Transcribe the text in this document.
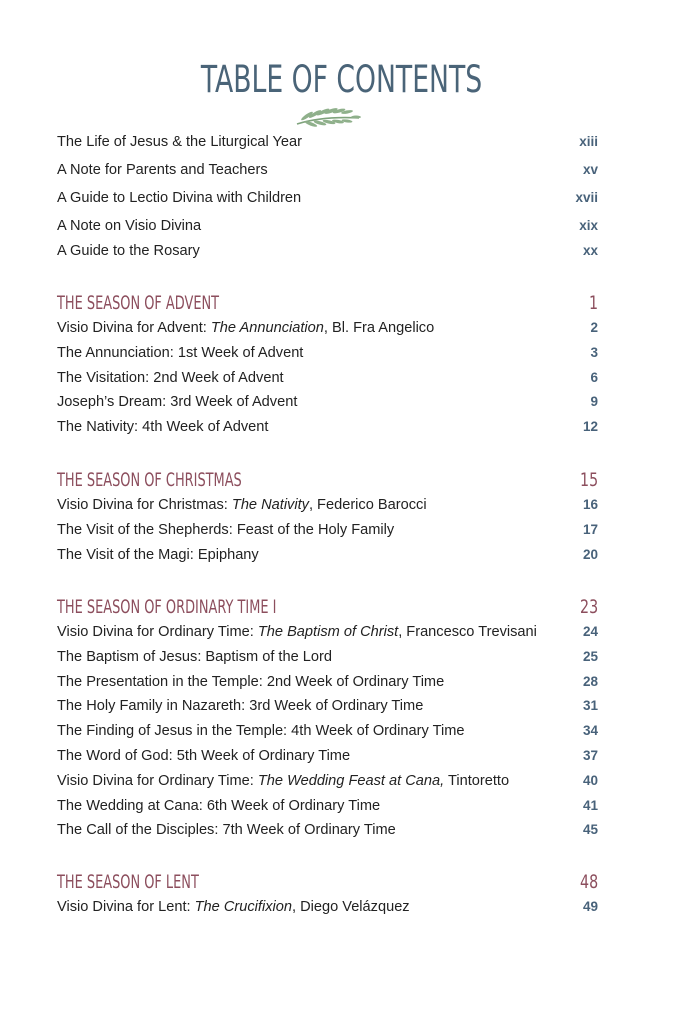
TABLE OF CONTENTS
The Life of Jesus & the Liturgical Year	xiii
A Note for Parents and Teachers	xv
A Guide to Lectio Divina with Children	xvii
A Note on Visio Divina	xix
A Guide to the Rosary	xx
THE SEASON OF ADVENT	1
Visio Divina for Advent: The Annunciation, Bl. Fra Angelico	2
The Annunciation: 1st Week of Advent	3
The Visitation: 2nd Week of Advent	6
Joseph’s Dream: 3rd Week of Advent	9
The Nativity: 4th Week of Advent	12
THE SEASON OF CHRISTMAS	15
Visio Divina for Christmas: The Nativity, Federico Barocci	16
The Visit of the Shepherds: Feast of the Holy Family	17
The Visit of the Magi: Epiphany	20
THE SEASON OF ORDINARY TIME I	23
Visio Divina for Ordinary Time: The Baptism of Christ, Francesco Trevisani	24
The Baptism of Jesus: Baptism of the Lord	25
The Presentation in the Temple: 2nd Week of Ordinary Time	28
The Holy Family in Nazareth: 3rd Week of Ordinary Time	31
The Finding of Jesus in the Temple: 4th Week of Ordinary Time	34
The Word of God: 5th Week of Ordinary Time	37
Visio Divina for Ordinary Time: The Wedding Feast at Cana, Tintoretto	40
The Wedding at Cana: 6th Week of Ordinary Time	41
The Call of the Disciples: 7th Week of Ordinary Time	45
THE SEASON OF LENT	48
Visio Divina for Lent: The Crucifixion, Diego Velázquez	49
